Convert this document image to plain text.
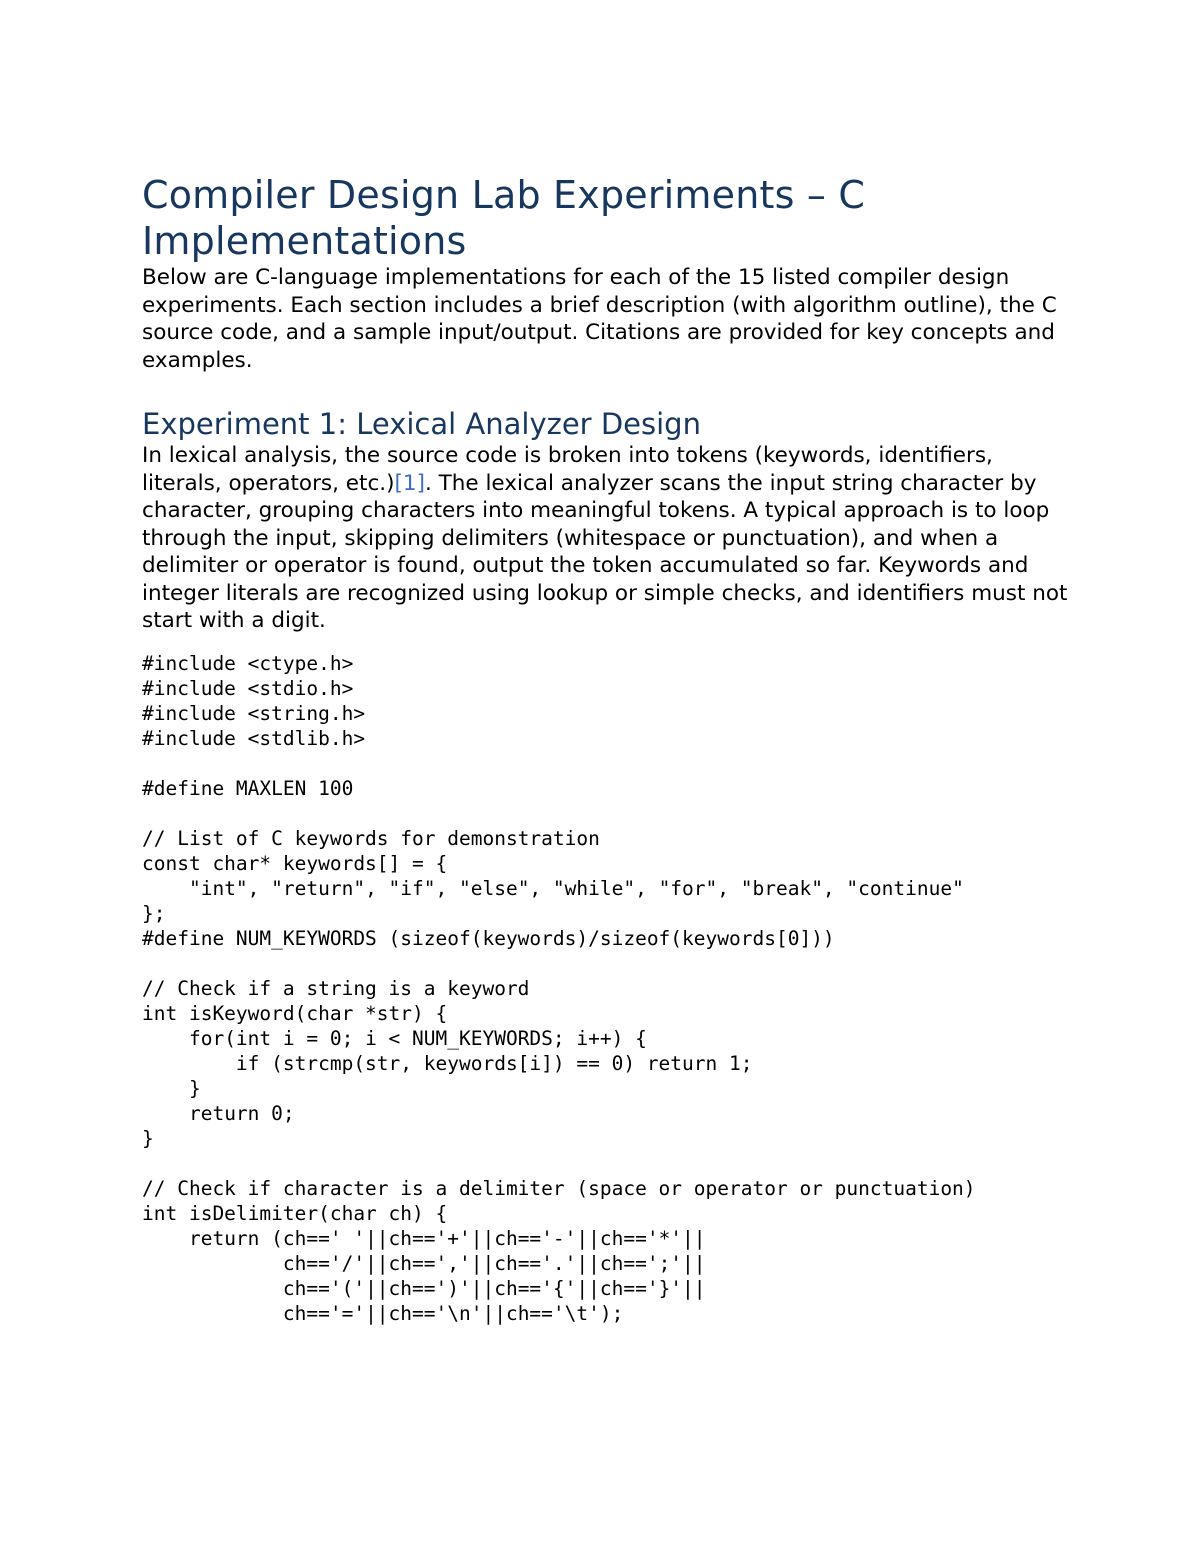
Compiler Design Lab Experiments – C Implementations

Below are C-language implementations for each of the 15 listed compiler design experiments. Each section includes a brief description (with algorithm outline), the C source code, and a sample input/output. Citations are provided for key concepts and examples.

Experiment 1: Lexical Analyzer Design

In lexical analysis, the source code is broken into tokens (keywords, identifiers, literals, operators, etc.)[1]. The lexical analyzer scans the input string character by character, grouping characters into meaningful tokens. A typical approach is to loop through the input, skipping delimiters (whitespace or punctuation), and when a delimiter or operator is found, output the token accumulated so far. Keywords and integer literals are recognized using lookup or simple checks, and identifiers must not start with a digit.

#include <ctype.h>
#include <stdio.h>
#include <string.h>
#include <stdlib.h>

#define MAXLEN 100

// List of C keywords for demonstration
const char* keywords[] = {
"int", "return", "if", "else", "while", "for", "break", "continue"
};
#define NUM_KEYWORDS (sizeof(keywords)/sizeof(keywords[0]))

// Check if a string is a keyword
int isKeyword(char *str) {
for(int i = 0; i < NUM_KEYWORDS; i++) {
if (strcmp(str, keywords[i]) == 0) return 1;
}
return 0;
}

// Check if character is a delimiter (space or operator or punctuation)
int isDelimiter(char ch) {
return (ch==' '||ch=='+'||ch=='-'||ch=='*'||
ch=='/'||ch==','||ch=='.'||ch==';'||
ch=='('||ch==')'||ch=='{'||ch=='}'||
ch=='='||ch=='\n'||ch=='\t');
